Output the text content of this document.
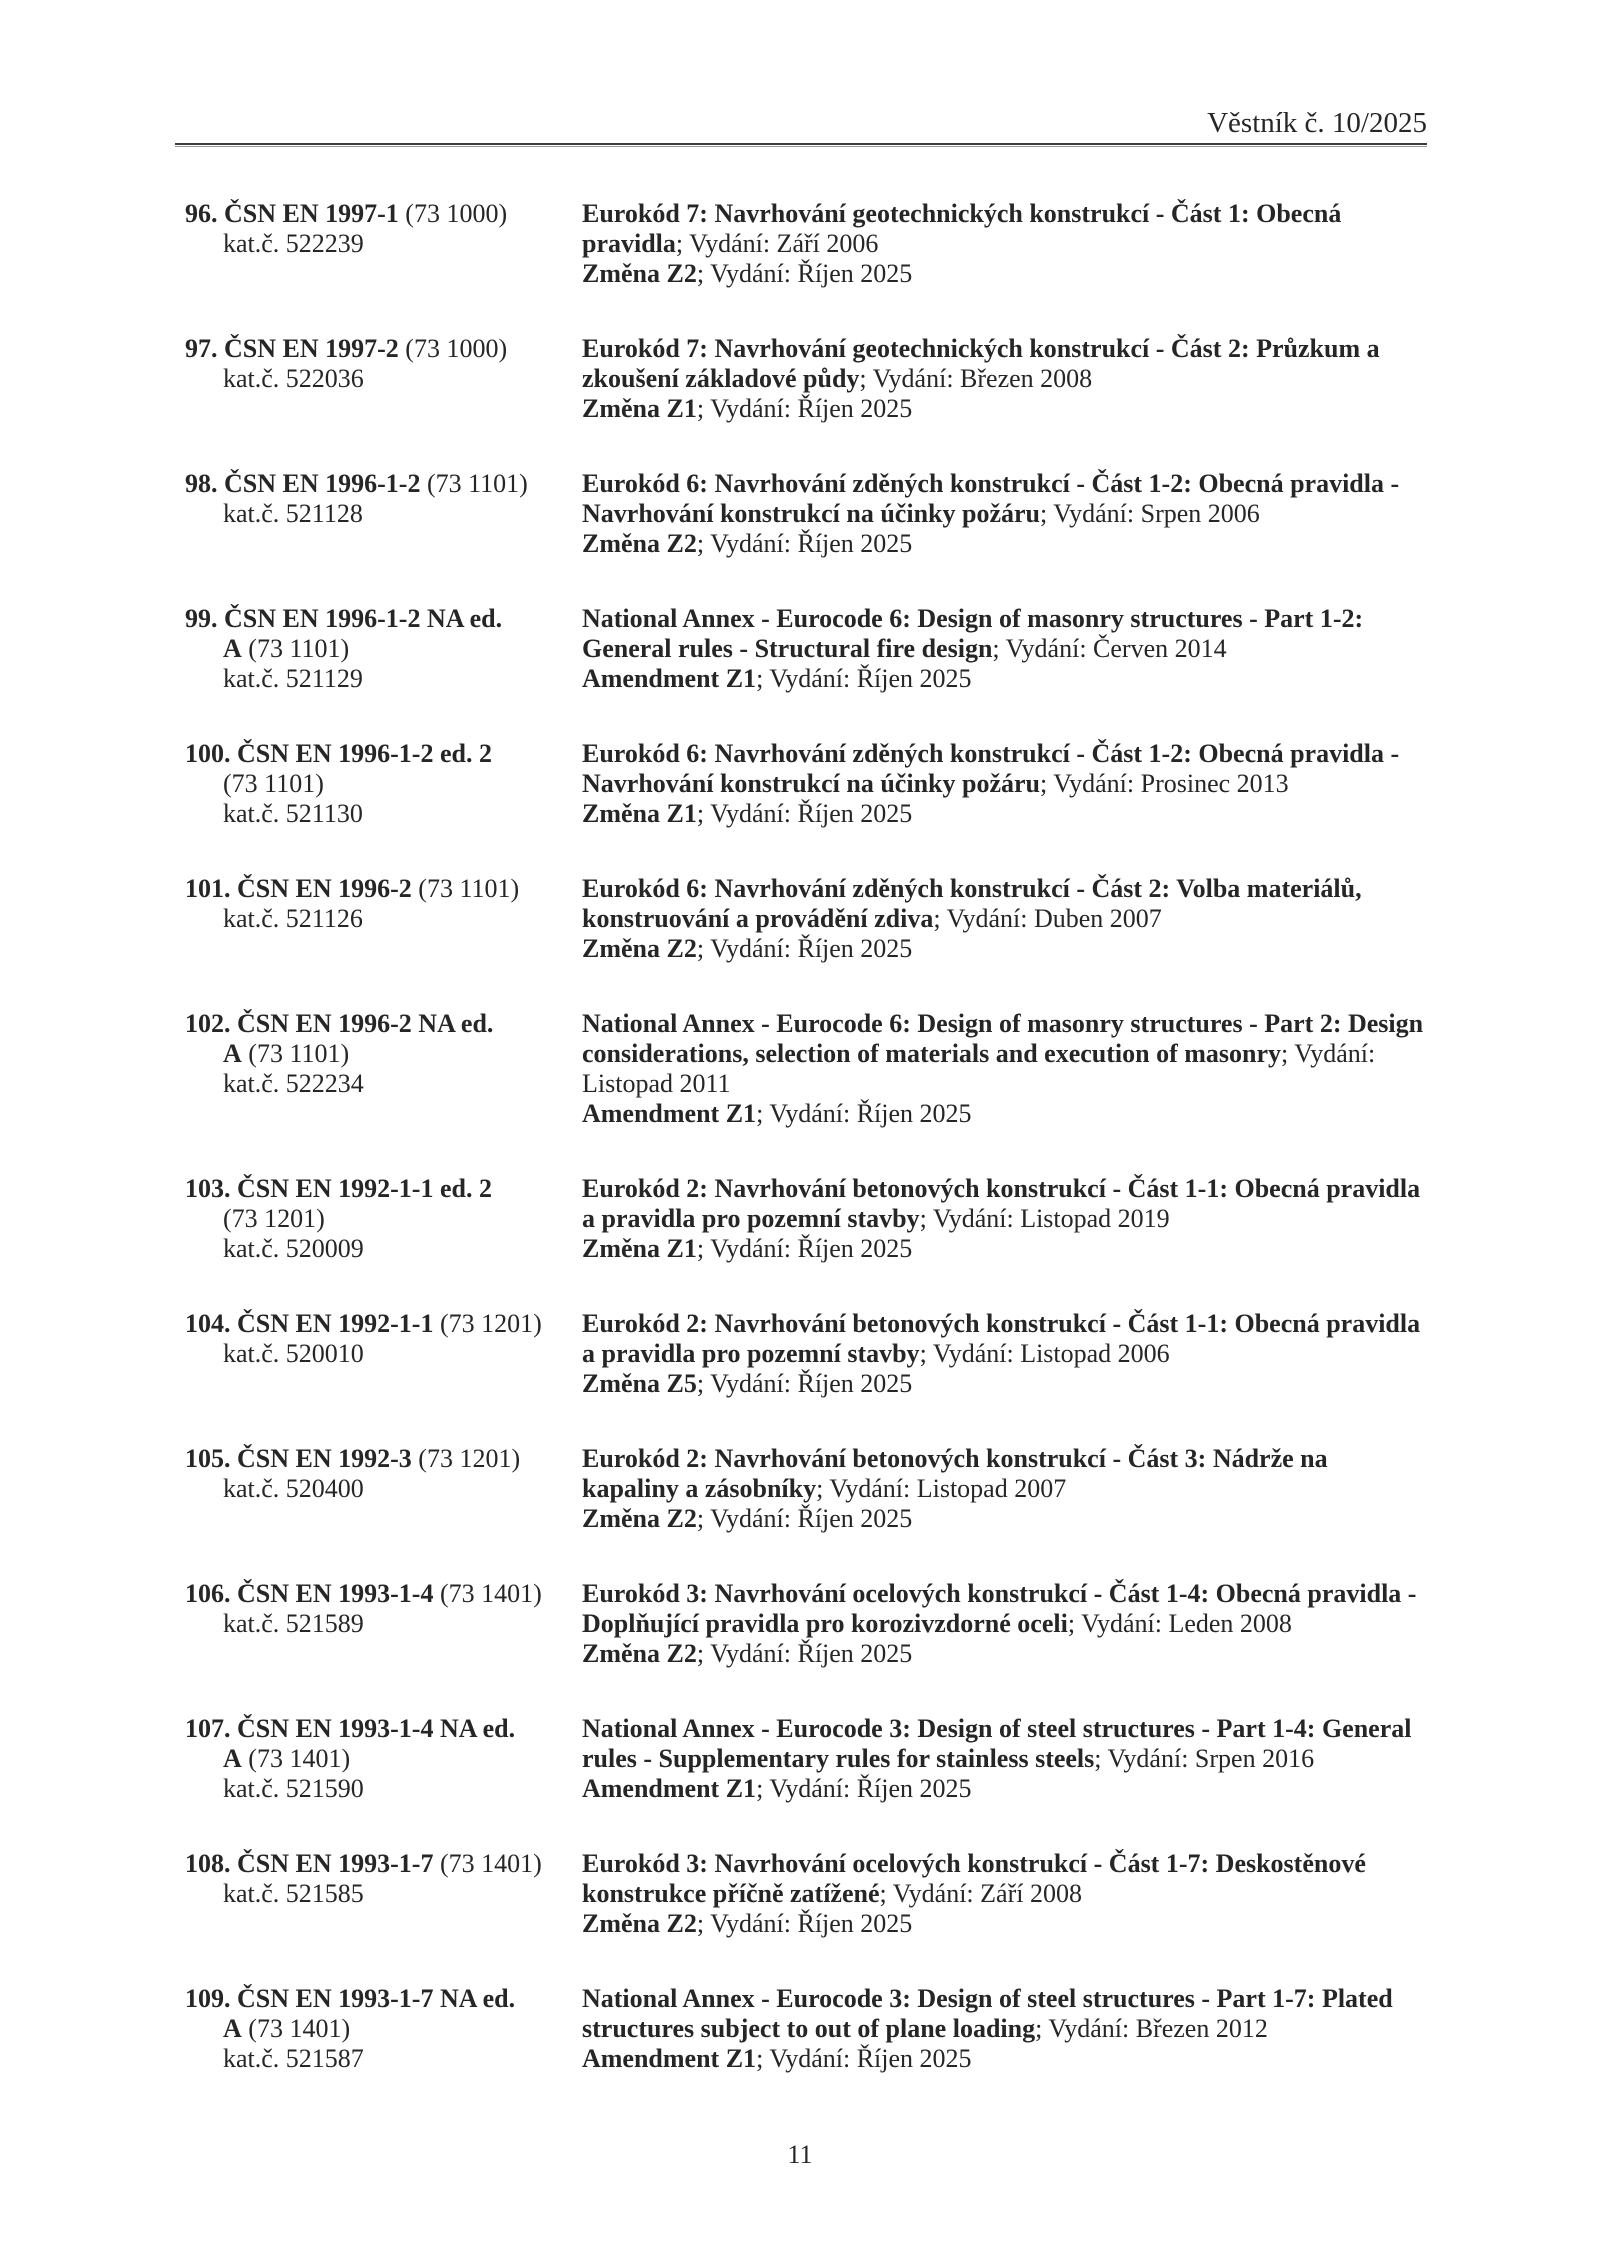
Věstník č. 10/2025
96. ČSN EN 1997-1 (73 1000)
kat.č. 522239
Eurokód 7: Navrhování geotechnických konstrukcí - Část 1: Obecná pravidla; Vydání: Září 2006
Změna Z2; Vydání: Říjen 2025
97. ČSN EN 1997-2 (73 1000)
kat.č. 522036
Eurokód 7: Navrhování geotechnických konstrukcí - Část 2: Průzkum a zkoušení základové půdy; Vydání: Březen 2008
Změna Z1; Vydání: Říjen 2025
98. ČSN EN 1996-1-2 (73 1101)
kat.č. 521128
Eurokód 6: Navrhování zděných konstrukcí - Část 1-2: Obecná pravidla - Navrhování konstrukcí na účinky požáru; Vydání: Srpen 2006
Změna Z2; Vydání: Říjen 2025
99. ČSN EN 1996-1-2 NA ed.
A (73 1101)
kat.č. 521129
National Annex - Eurocode 6: Design of masonry structures - Part 1-2: General rules - Structural fire design; Vydání: Červen 2014
Amendment Z1; Vydání: Říjen 2025
100. ČSN EN 1996-1-2 ed. 2
(73 1101)
kat.č. 521130
Eurokód 6: Navrhování zděných konstrukcí - Část 1-2: Obecná pravidla - Navrhování konstrukcí na účinky požáru; Vydání: Prosinec 2013
Změna Z1; Vydání: Říjen 2025
101. ČSN EN 1996-2 (73 1101)
kat.č. 521126
Eurokód 6: Navrhování zděných konstrukcí - Část 2: Volba materiálů, konstruování a provádění zdiva; Vydání: Duben 2007
Změna Z2; Vydání: Říjen 2025
102. ČSN EN 1996-2 NA ed.
A (73 1101)
kat.č. 522234
National Annex - Eurocode 6: Design of masonry structures - Part 2: Design considerations, selection of materials and execution of masonry; Vydání: Listopad 2011
Amendment Z1; Vydání: Říjen 2025
103. ČSN EN 1992-1-1 ed. 2
(73 1201)
kat.č. 520009
Eurokód 2: Navrhování betonových konstrukcí - Část 1-1: Obecná pravidla a pravidla pro pozemní stavby; Vydání: Listopad 2019
Změna Z1; Vydání: Říjen 2025
104. ČSN EN 1992-1-1 (73 1201)
kat.č. 520010
Eurokód 2: Navrhování betonových konstrukcí - Část 1-1: Obecná pravidla a pravidla pro pozemní stavby; Vydání: Listopad 2006
Změna Z5; Vydání: Říjen 2025
105. ČSN EN 1992-3 (73 1201)
kat.č. 520400
Eurokód 2: Navrhování betonových konstrukcí - Část 3: Nádrže na kapaliny a zásobníky; Vydání: Listopad 2007
Změna Z2; Vydání: Říjen 2025
106. ČSN EN 1993-1-4 (73 1401)
kat.č. 521589
Eurokód 3: Navrhování ocelových konstrukcí - Část 1-4: Obecná pravidla - Doplňující pravidla pro korozivzdorné oceli; Vydání: Leden 2008
Změna Z2; Vydání: Říjen 2025
107. ČSN EN 1993-1-4 NA ed.
A (73 1401)
kat.č. 521590
National Annex - Eurocode 3: Design of steel structures - Part 1-4: General rules - Supplementary rules for stainless steels; Vydání: Srpen 2016
Amendment Z1; Vydání: Říjen 2025
108. ČSN EN 1993-1-7 (73 1401)
kat.č. 521585
Eurokód 3: Navrhování ocelových konstrukcí - Část 1-7: Deskostěnové konstrukce příčně zatížené; Vydání: Září 2008
Změna Z2; Vydání: Říjen 2025
109. ČSN EN 1993-1-7 NA ed.
A (73 1401)
kat.č. 521587
National Annex - Eurocode 3: Design of steel structures - Part 1-7: Plated structures subject to out of plane loading; Vydání: Březen 2012
Amendment Z1; Vydání: Říjen 2025
11
